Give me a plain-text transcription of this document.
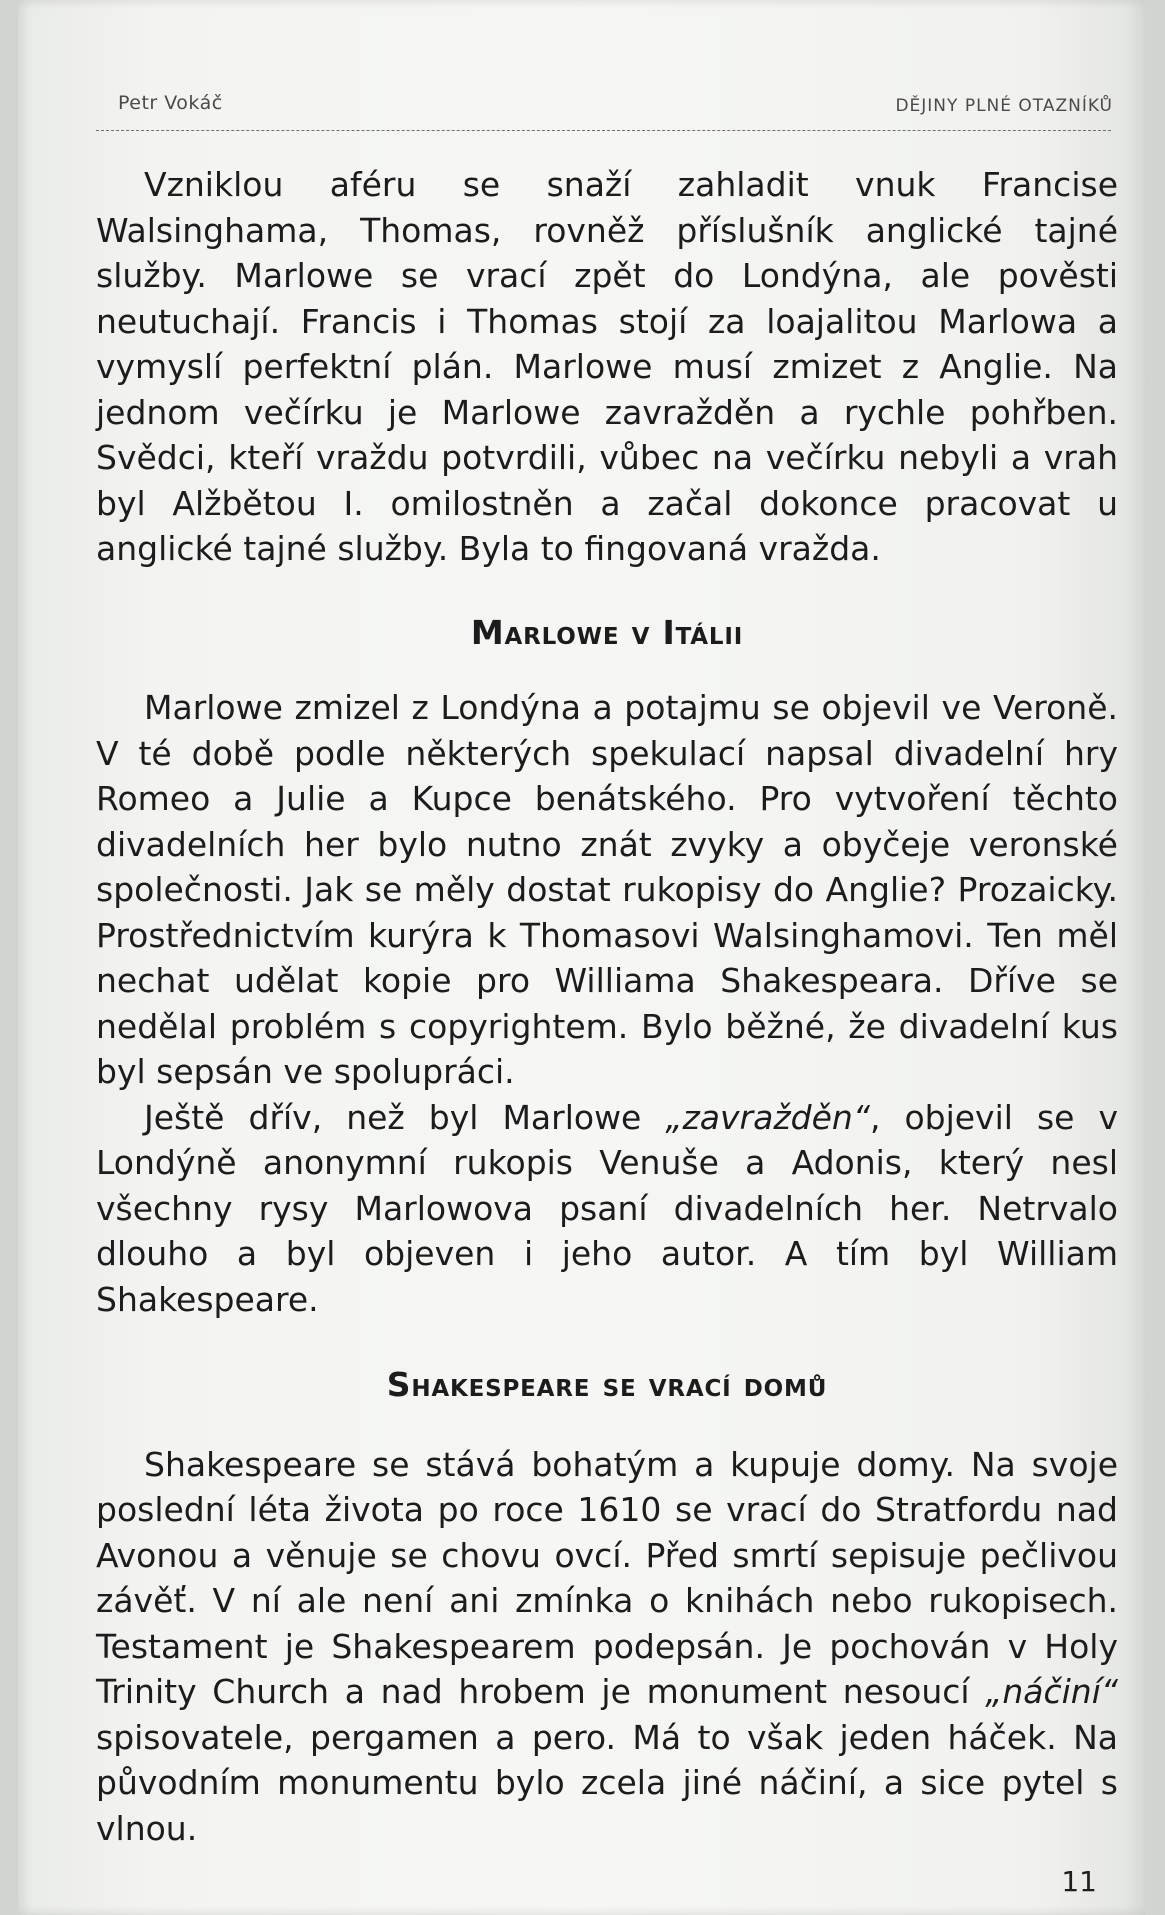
Petr Vokáč	DĚJINY PLNÉ OTAZNÍKŮ

Vzniklou aféru se snaží zahladit vnuk Francise Walsinghama, Thomas, rovněž příslušník anglické tajné služby. Marlowe se vrací zpět do Londýna, ale pověsti neutuchají. Francis i Thomas stojí za loajalitou Marlowa a vymyslí perfektní plán. Marlowe musí zmizet z Anglie. Na jednom večírku je Marlowe zavražděn a rychle pohřben. Svědci, kteří vraždu potvrdili, vůbec na večírku nebyli a vrah byl Alžbětou I. omilostněn a začal dokonce pracovat u anglické tajné služby. Byla to fingovaná vražda.

Marlowe v Itálii

Marlowe zmizel z Londýna a potajmu se objevil ve Veroně. V té době podle některých spekulací napsal divadelní hry Romeo a Julie a Kupce benátského. Pro vytvoření těchto divadelních her bylo nutno znát zvyky a obyčeje veronské společnosti. Jak se měly dostat rukopisy do Anglie? Prozaicky. Prostřednictvím kurýra k Thomasovi Walsinghamovi. Ten měl nechat udělat kopie pro Williama Shakespeara. Dříve se nedělal problém s copyrightem. Bylo běžné, že divadelní kus byl sepsán ve spolupráci.

Ještě dřív, než byl Marlowe „zavražděn“, objevil se v Londýně anonymní rukopis Venuše a Adonis, který nesl všechny rysy Marlowova psaní divadelních her. Netrvalo dlouho a byl objeven i jeho autor. A tím byl William Shakespeare.

Shakespeare se vrací domů

Shakespeare se stává bohatým a kupuje domy. Na svoje poslední léta života po roce 1610 se vrací do Stratfordu nad Avonou a věnuje se chovu ovcí. Před smrtí sepisuje pečlivou závěť. V ní ale není ani zmínka o knihách nebo rukopisech. Testament je Shakespearem podepsán. Je pochován v Holy Trinity Church a nad hrobem je monument nesoucí „náčiní“ spisovatele, pergamen a pero. Má to však jeden háček. Na původním monumentu bylo zcela jiné náčiní, a sice pytel s vlnou.

11
